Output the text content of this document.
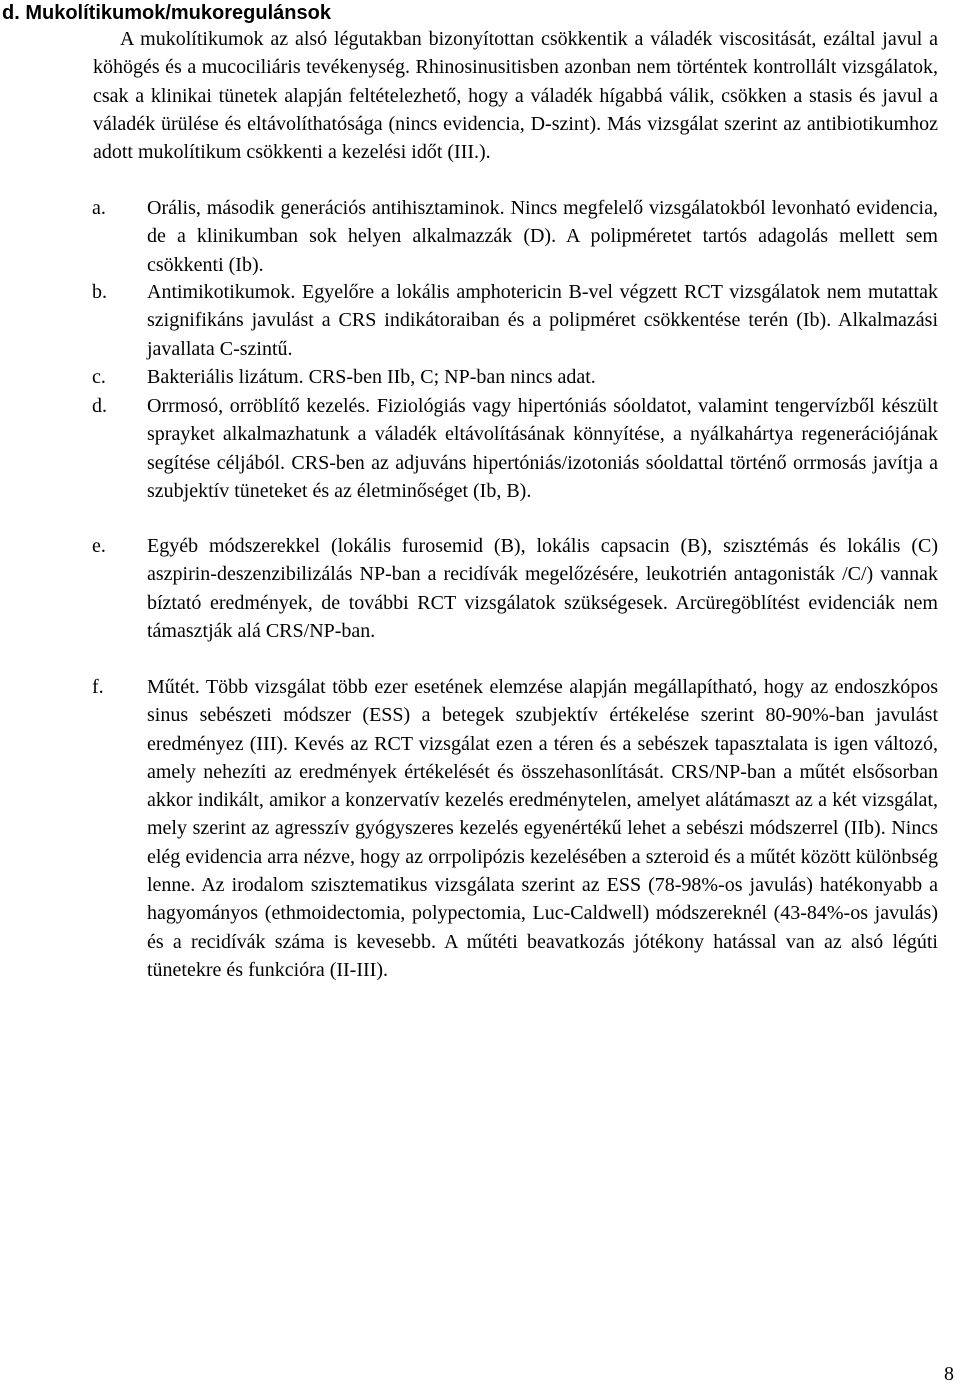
d. Mukolítikumok/mukoregulánsok

A mukolítikumok az alsó légutakban bizonyítottan csökkentik a váladék viscositását, ezáltal javul a köhögés és a mucociliáris tevékenység. Rhinosinusitisben azonban nem történtek kontrollált vizsgálatok, csak a klinikai tünetek alapján feltételezhető, hogy a váladék hígabbá válik, csökken a stasis és javul a váladék ürülése és eltávolíthatósága (nincs evidencia, D-szint). Más vizsgálat szerint az antibiotikumhoz adott mukolítikum csökkenti a kezelési időt (III.).

a. Orális, második generációs antihisztaminok. Nincs megfelelő vizsgálatokból levonható evidencia, de a klinikumban sok helyen alkalmazzák (D). A polipméretet tartós adagolás mellett sem csökkenti (Ib).

b. Antimikotikumok. Egyelőre a lokális amphotericin B-vel végzett RCT vizsgálatok nem mutattak szignifikáns javulást a CRS indikátoraiban és a polipméret csökkentése terén (Ib). Alkalmazási javallata C-szintű.

c. Bakteriális lizátum. CRS-ben IIb, C; NP-ban nincs adat.

d. Orrmosó, orröblítő kezelés. Fiziológiás vagy hipertóniás sóoldatot, valamint tengervízből készült sprayket alkalmazhatunk a váladék eltávolításának könnyítése, a nyálkahártya regenerációjának segítése céljából. CRS-ben az adjuváns hipertóniás/izotoniás sóoldattal történő orrmosás javítja a szubjektív tüneteket és az életminőséget (Ib, B).

e. Egyéb módszerekkel (lokális furosemid (B), lokális capsacin (B), szisztémás és lokális (C) aszpirin-deszenzibilizálás NP-ban a recidívák megelőzésére, leukotrién antagonisták /C/) vannak bíztató eredmények, de további RCT vizsgálatok szükségesek. Arcüregöblítést evidenciák nem támasztják alá CRS/NP-ban.

f. Műtét. Több vizsgálat több ezer esetének elemzése alapján megállapítható, hogy az endoszkópos sinus sebészeti módszer (ESS) a betegek szubjektív értékelése szerint 80-90%-ban javulást eredményez (III). Kevés az RCT vizsgálat ezen a téren és a sebészek tapasztalata is igen változó, amely nehezíti az eredmények értékelését és összehasonlítását. CRS/NP-ban a műtét elsősorban akkor indikált, amikor a konzervatív kezelés eredménytelen, amelyet alátámaszt az a két vizsgálat, mely szerint az agresszív gyógyszeres kezelés egyenértékű lehet a sebészi módszerrel (IIb). Nincs elég evidencia arra nézve, hogy az orrpolipózis kezelésében a szteroid és a műtét között különbség lenne. Az irodalom szisztematikus vizsgálata szerint az ESS (78-98%-os javulás) hatékonyabb a hagyományos (ethmoidectomia, polypectomia, Luc-Caldwell) módszereknél (43-84%-os javulás) és a recidívák száma is kevesebb. A műtéti beavatkozás jótékony hatással van az alsó légúti tünetekre és funkcióra (II-III).

8
